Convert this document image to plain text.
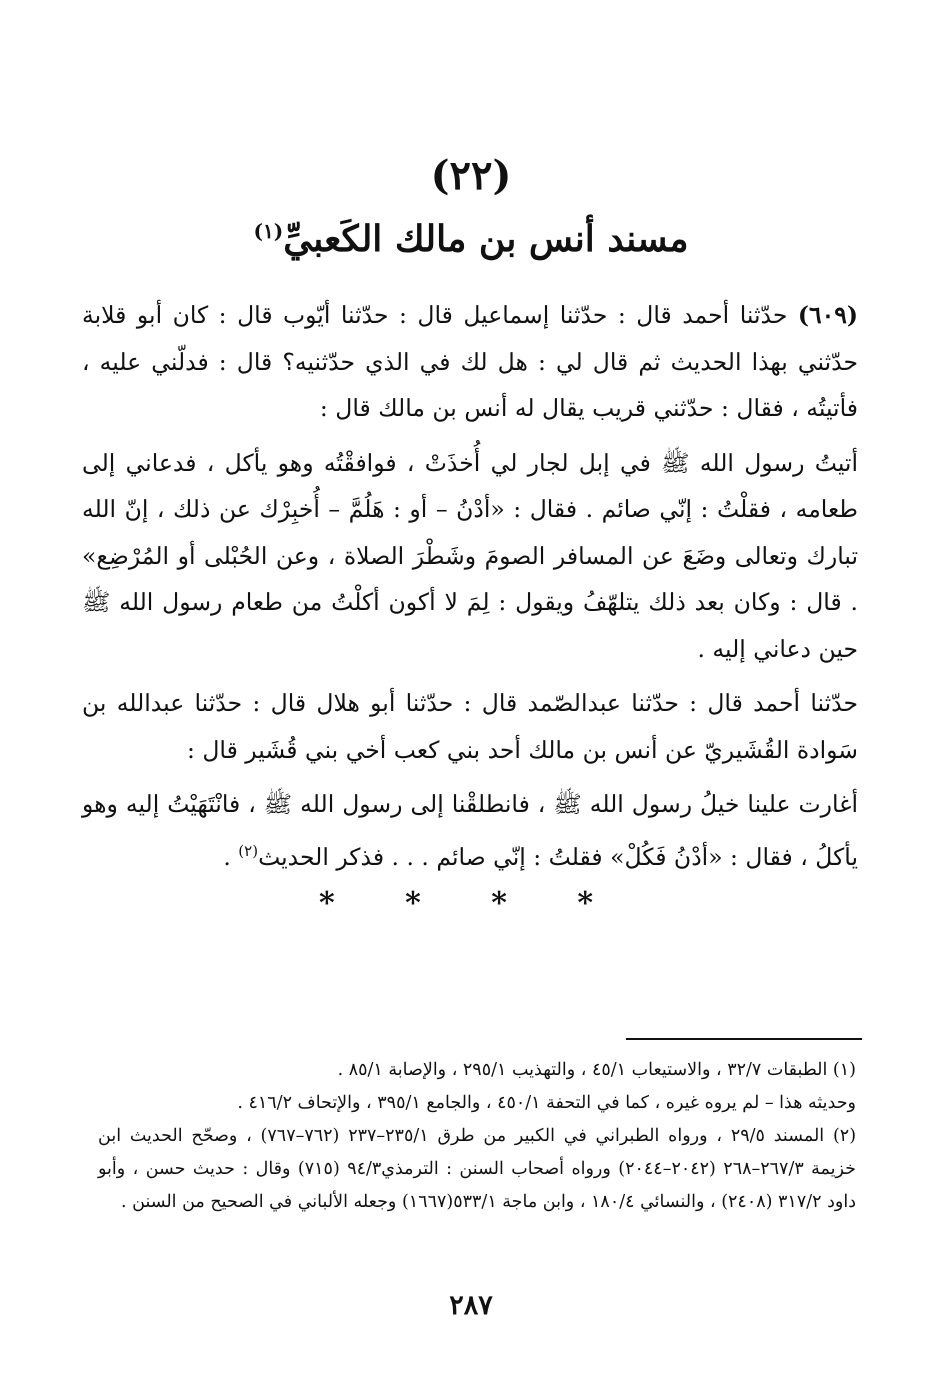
(٢٢)
مسند أنس بن مالك الكَعبيِّ$^{(١)}$

(٦٠٩) حدّثنا أحمد قال : حدّثنا إسماعيل قال : حدّثنا أيّوب قال : كان أبو قلابة حدّثني بهذا الحديث ثم قال لي : هل لك في الذي حدّثنيه؟ قال : فدلّني عليه ، فأتيتُه ، فقال : حدّثني قريب يقال له أنس بن مالك قال :

أتيتُ رسول الله ﷺ في إبل لجار لي أُخذَتْ ، فوافقْتُه وهو يأكل ، فدعاني إلى طعامه ، فقلْتُ : إنّي صائم . فقال : «أدْنُ – أو : هَلُمَّ – أُخبِرْك عن ذلك ، إنّ الله تبارك وتعالى وضَعَ عن المسافر الصومَ وشَطْرَ الصلاة ، وعن الحُبْلى أو المُرْضِع» . قال : وكان بعد ذلك يتلهّفُ ويقول : لِمَ لا أكون أكلْتُ من طعام رسول الله ﷺ حين دعاني إليه .

حدّثنا أحمد قال : حدّثنا عبدالصّمد قال : حدّثنا أبو هلال قال : حدّثنا عبدالله بن سَوادة القُشَيريّ عن أنس بن مالك أحد بني كعب أخي بني قُشَير قال :

أغارت علينا خيلُ رسول الله ﷺ ، فانطلقْنا إلى رسول الله ﷺ ، فانْتَهَيْتُ إليه وهو يأكلُ ، فقال : «أدْنُ فَكُلْ» فقلتُ : إنّي صائم . . . فذكر الحديث$^{(٢)}$ .

* * * *

(١) الطبقات ٣٢/٧ ، والاستيعاب ٤٥/١ ، والتهذيب ٢٩٥/١ ، والإصابة ٨٥/١ .

وحديثه هذا – لم يروه غيره ، كما في التحفة ٤٥٠/١ ، والجامع ٣٩٥/١ ، والإتحاف ٤١٦/٢ .

(٢) المسند ٢٩/٥ ، ورواه الطبراني في الكبير من طرق ٢٣٥/١–٢٣٧ (٧٦٢–٧٦٧) ، وصحّح الحديث ابن خزيمة ٢٦٧/٣–٢٦٨ (٢٠٤٢–٢٠٤٤) ورواه أصحاب السنن : الترمذي٩٤/٣ (٧١٥) وقال : حديث حسن ، وأبو داود ٣١٧/٢ (٢٤٠٨) ، والنسائي ١٨٠/٤ ، وابن ماجة ٥٣٣/١(١٦٦٧) وجعله الألباني في الصحيح من السنن .

٢٨٧
